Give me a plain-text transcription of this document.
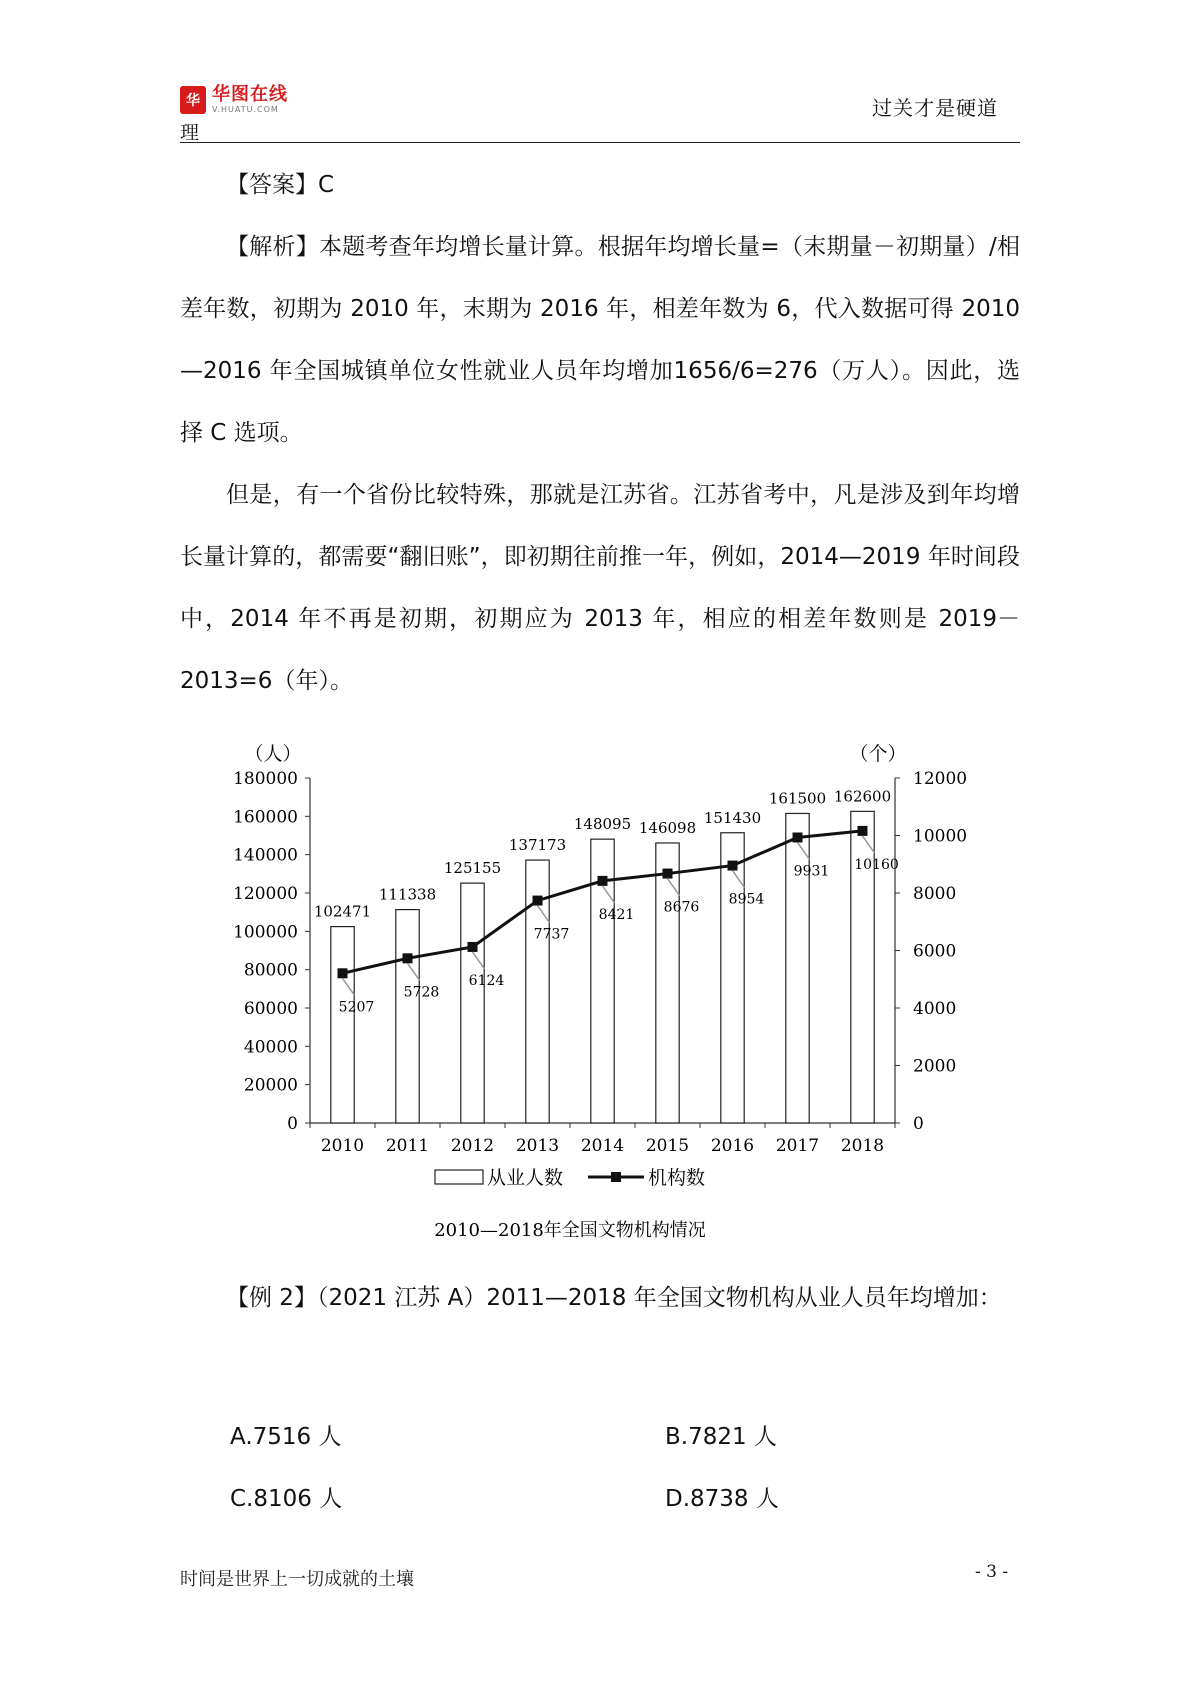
华 华图在线
V.HUATU.COM
理
过关才是硬道
【答案】C
【解析】本题考查年均增长量计算。根据年均增长量=（末期量－初期量）/相差年数，初期为 2010 年，末期为 2016 年，相差年数为 6，代入数据可得 2010—2016 年全国城镇单位女性就业人员年均增加1656/6=276（万人）。因此，选择 C 选项。
但是，有一个省份比较特殊，那就是江苏省。江苏省考中，凡是涉及到年均增长量计算的，都需要“翻旧账”，即初期往前推一年，例如，2014—2019 年时间段中，2014 年不再是初期，初期应为 2013 年，相应的相差年数则是 2019－2013=6（年）。
（人）	（个）
0
20000
40000
60000
80000
100000
120000
140000
160000
180000
0
2000
4000
6000
8000
10000
12000
2010 2011 2012 2013 2014 2015 2016 2017 2018
102471
111338
125155
137173
148095 146098
151430
161500 162600
5207
5728
6124
7737
8421 8676 8954
9931 10160
从业人数	机构数
2010—2018年全国文物机构情况
【例 2】（2021 江苏 A）2011—2018 年全国文物机构从业人员年均增加：
A.7516 人	B.7821 人
C.8106 人	D.8738 人
时间是世界上一切成就的土壤	- 3 -
